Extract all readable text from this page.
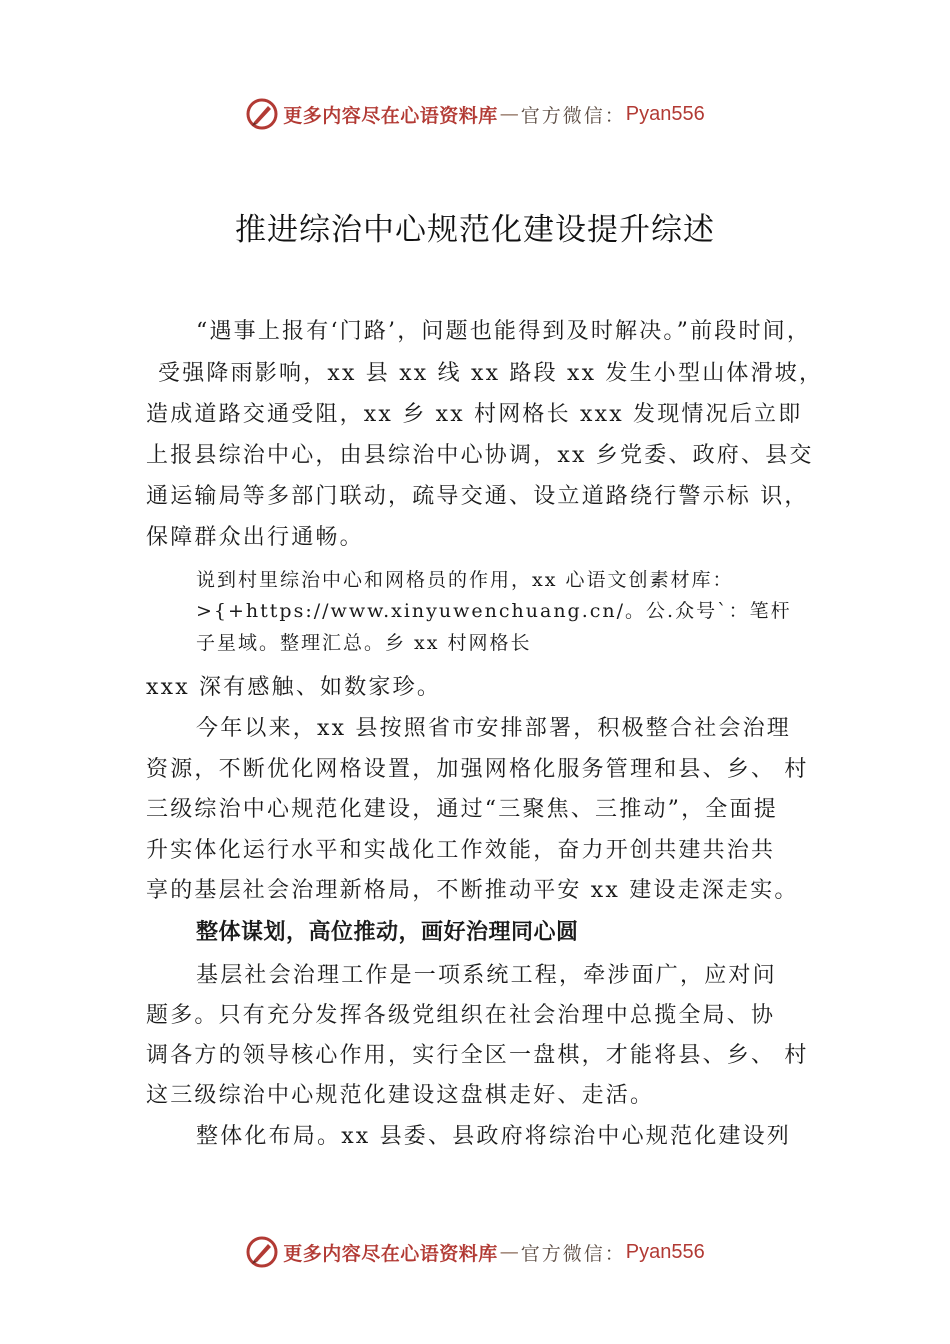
更多内容尽在心语资料库 — 官方微信： Pyan556
推进综治中心规范化建设提升综述
“遇事上报有‘门路’，问题也能得到及时解决。”前段时间，
受强降雨影响，xx 县 xx 线 xx 路段 xx 发生小型山体滑坡，
造成道路交通受阻，xx 乡 xx 村网格长 xxx 发现情况后立即
上报县综治中心，由县综治中心协调，xx 乡党委、政府、县交
通运输局等多部门联动，疏导交通、设立道路绕行警示标 识，
保障群众出行通畅。
说到村里综治中心和网格员的作用，xx 心语文创素材库：
>{+https://www.xinyuwenchuang.cn/。公.众号`：笔杆
子星域。整理汇总。乡 xx 村网格长
xxx 深有感触、如数家珍。
今年以来，xx 县按照省市安排部署，积极整合社会治理
资源，不断优化网格设置，加强网格化服务管理和县、乡、 村
三级综治中心规范化建设，通过“三聚焦、三推动”，全面提
升实体化运行水平和实战化工作效能，奋力开创共建共治共
享的基层社会治理新格局，不断推动平安 xx 建设走深走实。
整体谋划，高位推动，画好治理同心圆
基层社会治理工作是一项系统工程，牵涉面广，应对问
题多。只有充分发挥各级党组织在社会治理中总揽全局、协
调各方的领导核心作用，实行全区一盘棋，才能将县、乡、 村
这三级综治中心规范化建设这盘棋走好、走活。
整体化布局。xx 县委、县政府将综治中心规范化建设列
更多内容尽在心语资料库 — 官方微信： Pyan556
